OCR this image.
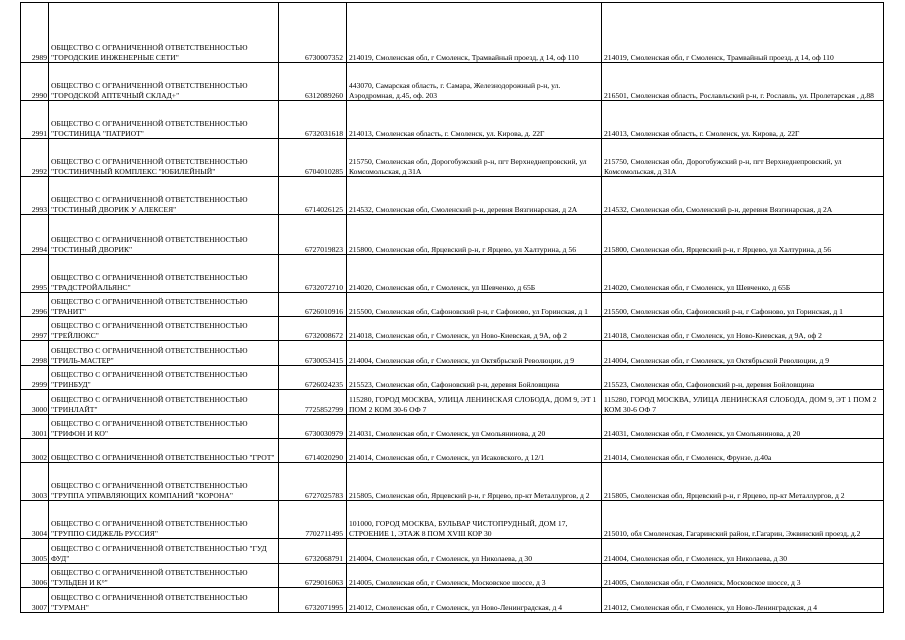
2989	ОБЩЕСТВО С ОГРАНИЧЕННОЙ ОТВЕТСТВЕННОСТЬЮ "ГОРОДСКИЕ ИНЖЕНЕРНЫЕ СЕТИ"	6730007352	214019, Смоленская обл, г Смоленск, Трамвайный проезд, д 14, оф 110	214019, Смоленская обл, г Смоленск, Трамвайный проезд, д 14, оф 110
2990	ОБЩЕСТВО С ОГРАНИЧЕННОЙ ОТВЕТСТВЕННОСТЬЮ "ГОРОДСКОЙ АПТЕЧНЫЙ СКЛАД+"	6312089260	443070, Самарская область, г. Самара, Железнодорожный р-н, ул. Аэродромная, д.45, оф. 203	216501, Смоленская область, Рославльский р-н, г. Рославль, ул. Пролетарская , д.88
2991	ОБЩЕСТВО С ОГРАНИЧЕННОЙ ОТВЕТСТВЕННОСТЬЮ "ГОСТИНИЦА "ПАТРИОТ"	6732031618	214013, Смоленская область, г. Смоленск, ул. Кирова, д. 22Г	214013, Смоленская область, г. Смоленск, ул. Кирова, д. 22Г
2992	ОБЩЕСТВО С ОГРАНИЧЕННОЙ ОТВЕТСТВЕННОСТЬЮ "ГОСТИНИЧНЫЙ КОМПЛЕКС "ЮБИЛЕЙНЫЙ"	6704010285	215750, Смоленская обл, Дорогобужский р-н, пгт Верхнеднепровский, ул Комсомольская, д 31А	215750, Смоленская обл, Дорогобужский р-н, пгт Верхнеднепровский, ул Комсомольская, д 31А
2993	ОБЩЕСТВО С ОГРАНИЧЕННОЙ ОТВЕТСТВЕННОСТЬЮ "ГОСТИНЫЙ ДВОРИК У АЛЕКСЕЯ"	6714026125	214532, Смоленская обл, Смоленский р-н, деревня Вязгинарская, д 2А	214532, Смоленская обл, Смоленский р-н, деревня Вязгинарская, д 2А
2994	ОБЩЕСТВО С ОГРАНИЧЕННОЙ ОТВЕТСТВЕННОСТЬЮ "ГОСТИНЫЙ ДВОРИК"	6727019823	215800, Смоленская обл, Ярцевский р-н, г Ярцево, ул Халтурина, д 56	215800, Смоленская обл, Ярцевский р-н, г Ярцево, ул Халтурина, д 56
2995	ОБЩЕСТВО С ОГРАНИЧЕННОЙ ОТВЕТСТВЕННОСТЬЮ "ГРАДСТРОЙАЛЬЯНС"	6732072710	214020, Смоленская обл, г Смоленск, ул Шевченко, д 65Б	214020, Смоленская обл, г Смоленск, ул Шевченко, д 65Б
2996	ОБЩЕСТВО С ОГРАНИЧЕННОЙ ОТВЕТСТВЕННОСТЬЮ "ГРАНИТ"	6726010916	215500, Смоленская обл, Сафоновский р-н, г Сафоново, ул Горинская, д 1	215500, Смоленская обл, Сафоновский р-н, г Сафоново, ул Горинская, д 1
2997	ОБЩЕСТВО С ОГРАНИЧЕННОЙ ОТВЕТСТВЕННОСТЬЮ "ГРЕЙЛЮКС"	6732008672	214018, Смоленская обл, г Смоленск, ул Ново-Киевская, д 9А, оф 2	214018, Смоленская обл, г Смоленск, ул Ново-Киевская, д 9А, оф 2
2998	ОБЩЕСТВО С ОГРАНИЧЕННОЙ ОТВЕТСТВЕННОСТЬЮ "ГРИЛЬ-МАСТЕР"	6730053415	214004, Смоленская обл, г Смоленск, ул Октябрьской Революции, д 9	214004, Смоленская обл, г Смоленск, ул Октябрьской Революции, д 9
2999	ОБЩЕСТВО С ОГРАНИЧЕННОЙ ОТВЕТСТВЕННОСТЬЮ "ГРИНБУД"	6726024235	215523, Смоленская обл, Сафоновский р-н, деревня Бойловщина	215523, Смоленская обл, Сафоновский р-н, деревня Бойловщина
3000	ОБЩЕСТВО С ОГРАНИЧЕННОЙ ОТВЕТСТВЕННОСТЬЮ "ГРИНЛАЙТ"	7725852799	115280, ГОРОД МОСКВА, УЛИЦА ЛЕНИНСКАЯ СЛОБОДА, ДОМ 9, ЭТ 1 ПОМ 2 КОМ 30-6 ОФ 7	115280, ГОРОД МОСКВА, УЛИЦА ЛЕНИНСКАЯ СЛОБОДА, ДОМ 9, ЭТ 1 ПОМ 2 КОМ 30-6 ОФ 7
3001	ОБЩЕСТВО С ОГРАНИЧЕННОЙ ОТВЕТСТВЕННОСТЬЮ "ГРИФОН И КО"	6730030979	214031, Смоленская обл, г Смоленск, ул Смольянинова, д 20	214031, Смоленская обл, г Смоленск, ул Смольянинова, д 20
3002	ОБЩЕСТВО С ОГРАНИЧЕННОЙ ОТВЕТСТВЕННОСТЬЮ "ГРОТ"	6714020290	214014, Смоленская обл, г Смоленск, ул Исаковского, д 12/1	214014, Смоленская обл, г Смоленск, Фрунзе, д.40а
3003	ОБЩЕСТВО С ОГРАНИЧЕННОЙ ОТВЕТСТВЕННОСТЬЮ "ГРУППА УПРАВЛЯЮЩИХ КОМПАНИЙ "КОРОНА"	6727025783	215805, Смоленская обл, Ярцевский р-н, г Ярцево, пр-кт Металлургов, д 2	215805, Смоленская обл, Ярцевский р-н, г Ярцево, пр-кт Металлургов, д 2
3004	ОБЩЕСТВО С ОГРАНИЧЕННОЙ ОТВЕТСТВЕННОСТЬЮ "ГРУППО СИДЖЕЛЬ РУССИЯ"	7702711495	101000, ГОРОД МОСКВА, БУЛЬВАР ЧИСТОПРУДНЫЙ, ДОМ 17, СТРОЕНИЕ 1, ЭТАЖ 8 ПОМ XVIII КОР 30	215010, обл Смоленская, Гагаринский район, г.Гагарин, Эжвинский проезд, д.2
3005	ОБЩЕСТВО С ОГРАНИЧЕННОЙ ОТВЕТСТВЕННОСТЬЮ "ГУД ФУД"	6732068791	214004, Смоленская обл, г Смоленск, ул Николаева, д 30	214004, Смоленская обл, г Смоленск, ул Николаева, д 30
3006	ОБЩЕСТВО С ОГРАНИЧЕННОЙ ОТВЕТСТВЕННОСТЬЮ "ГУЛЬДЕН И К°"	6729016063	214005, Смоленская обл, г Смоленск, Московское шоссе, д 3	214005, Смоленская обл, г Смоленск, Московское шоссе, д 3
3007	ОБЩЕСТВО С ОГРАНИЧЕННОЙ ОТВЕТСТВЕННОСТЬЮ "ГУРМАН"	6732071995	214012, Смоленская обл, г Смоленск, ул Ново-Ленинградская, д 4	214012, Смоленская обл, г Смоленск, ул Ново-Ленинградская, д 4
